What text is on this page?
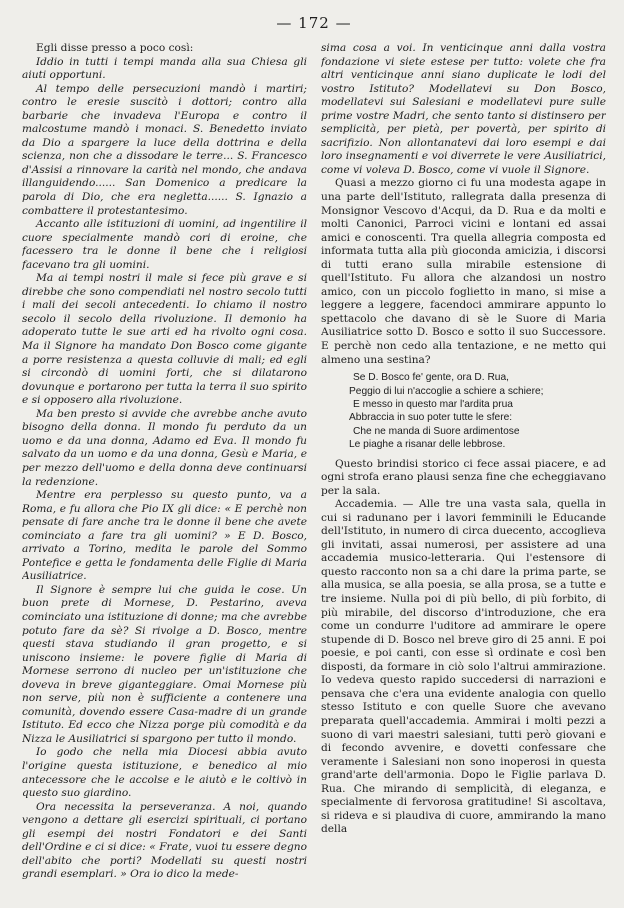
— 172 —

Egli disse presso a poco così:

Iddio in tutti i tempi manda alla sua Chiesa gli aiuti opportuni.

Al tempo delle persecuzioni mandò i martiri; contro le eresie suscitò i dottori; contro alla barbarie che invadeva l'Europa e contro il malcostume mandò i monaci. S. Benedetto inviato da Dio a spargere la luce della dottrina e della scienza, non che a dissodare le terre... S. Francesco d'Assisi a rinnovare la carità nel mondo, che andava illanguidendo...... San Domenico a predicare la parola di Dio, che era negletta...... S. Ignazio a combattere il protestantesimo.

Accanto alle istituzioni di uomini, ad ingentilire il cuore specialmente mandò cori di eroine, che facessero tra le donne il bene che i religiosi facevano tra gli uomini.

Ma ai tempi nostri il male si fece più grave e si direbbe che sono compendiati nel nostro secolo tutti i mali dei secoli antecedenti. Io chiamo il nostro secolo il secolo della rivoluzione. Il demonio ha adoperato tutte le sue arti ed ha rivolto ogni cosa. Ma il Signore ha mandato Don Bosco come gigante a porre resistenza a questa colluvie di mali; ed egli si circondò di uomini forti, che si dilatarono dovunque e portarono per tutta la terra il suo spirito e si opposero alla rivoluzione.

Ma ben presto si avvide che avrebbe anche avuto bisogno della donna. Il mondo fu perduto da un uomo e da una donna, Adamo ed Eva. Il mondo fu salvato da un uomo e da una donna, Gesù e Maria, e per mezzo dell'uomo e della donna deve continuarsi la redenzione.

Mentre era perplesso su questo punto, va a Roma, e fu allora che Pio IX gli dice: « E perchè non pensate di fare anche tra le donne il bene che avete cominciato a fare tra gli uomini? » E D. Bosco, arrivato a Torino, medita le parole del Sommo Pontefice e getta le fondamenta delle Figlie di Maria Ausiliatrice.

Il Signore è sempre lui che guida le cose. Un buon prete di Mornese, D. Pestarino, aveva cominciato una istituzione di donne; ma che avrebbe potuto fare da sè? Si rivolge a D. Bosco, mentre questi stava studiando il gran progetto, e si uniscono insieme: le povere figlie di Maria di Mornese serrono di nucleo per un'istituzione che doveva in breve giganteggiare. Omai Mornese più non serve, più non è sufficiente a contenere una comunità, dovendo essere Casa-madre di un grande Istituto. Ed ecco che Nizza porge più comodità e da Nizza le Ausiliatrici si spargono per tutto il mondo.

Io godo che nella mia Diocesi abbia avuto l'origine questa istituzione, e benedico al mio antecessore che le accolse e le aiutò e le coltivò in questo suo giardino.

Ora necessita la perseveranza. A noi, quando vengono a dettare gli esercizi spirituali, ci portano gli esempi dei nostri Fondatori e dei Santi dell'Ordine e ci si dice: « Frate, vuoi tu essere degno dell'abito che porti? Modellati su questi nostri grandi esemplari. » Ora io dico la mede-

sima cosa a voi. In venticinque anni dalla vostra fondazione vi siete estese per tutto: volete che fra altri venticinque anni siano duplicate le lodi del vostro Istituto? Modellatevi su Don Bosco, modellatevi sui Salesiani e modellatevi pure sulle prime vostre Madri, che sento tanto si distinsero per semplicità, per pietà, per povertà, per spirito di sacrifizio. Non allontanatevi dai loro esempi e dai loro insegnamenti e voi diverrete le vere Ausiliatrici, come vi voleva D. Bosco, come vi vuole il Signore.

Quasi a mezzo giorno ci fu una modesta agape in una parte dell'Istituto, rallegrata dalla presenza di Monsignor Vescovo d'Acqui, da D. Rua e da molti e molti Canonici, Parroci vicini e lontani ed assai amici e conoscenti. Tra quella allegria composta ed informata tutta alla più gioconda amicizia, i discorsi di tutti erano sulla mirabile estensione di quell'Istituto. Fu allora che alzandosi un nostro amico, con un piccolo foglietto in mano, si mise a leggere a leggere, facendoci ammirare appunto lo spettacolo che davano di sè le Suore di Maria Ausiliatrice sotto D. Bosco e sotto il suo Successore. E perchè non cedo alla tentazione, e ne metto qui almeno una sestina?

Se D. Bosco fe' gente, ora D. Rua,
Peggio di lui n'accoglie a schiere a schiere;
E messo in questo mar l'ardita prua
Abbraccia in suo poter tutte le sfere:
Che ne manda di Suore ardimentose
Le piaghe a risanar delle lebbrose.

Questo brindisi storico ci fece assai piacere, e ad ogni strofa erano plausi senza fine che echeggiavano per la sala.

Accademia. — Alle tre una vasta sala, quella in cui si radunano per i lavori femminili le Educande dell'Istituto, in numero di circa duecento, accoglieva gli invitati, assai numerosi, per assistere ad una accademia musico-letteraria. Qui l'estensore di questo racconto non sa a chi dare la prima parte, se alla musica, se alla poesia, se alla prosa, se a tutte e tre insieme. Nulla poi di più bello, di più forbito, di più mirabile, del discorso d'introduzione, che era come un condurre l'uditore ad ammirare le opere stupende di D. Bosco nel breve giro di 25 anni. E poi poesie, e poi canti, con esse sì ordinate e così ben disposti, da formare in ciò solo l'altrui ammirazione. Io vedeva questo rapido succedersi di narrazioni e pensava che c'era una evidente analogia con quello stesso Istituto e con quelle Suore che avevano preparata quell'accademia. Ammirai i molti pezzi a suono di vari maestri salesiani, tutti però giovani e di fecondo avvenire, e dovetti confessare che veramente i Salesiani non sono inoperosi in questa grand'arte dell'armonia. Dopo le Figlie parlava D. Rua. Che mirando di semplicità, di eleganza, e specialmente di fervorosa gratitudine! Si ascoltava, si rideva e si plaudiva di cuore, ammirando la mano della
